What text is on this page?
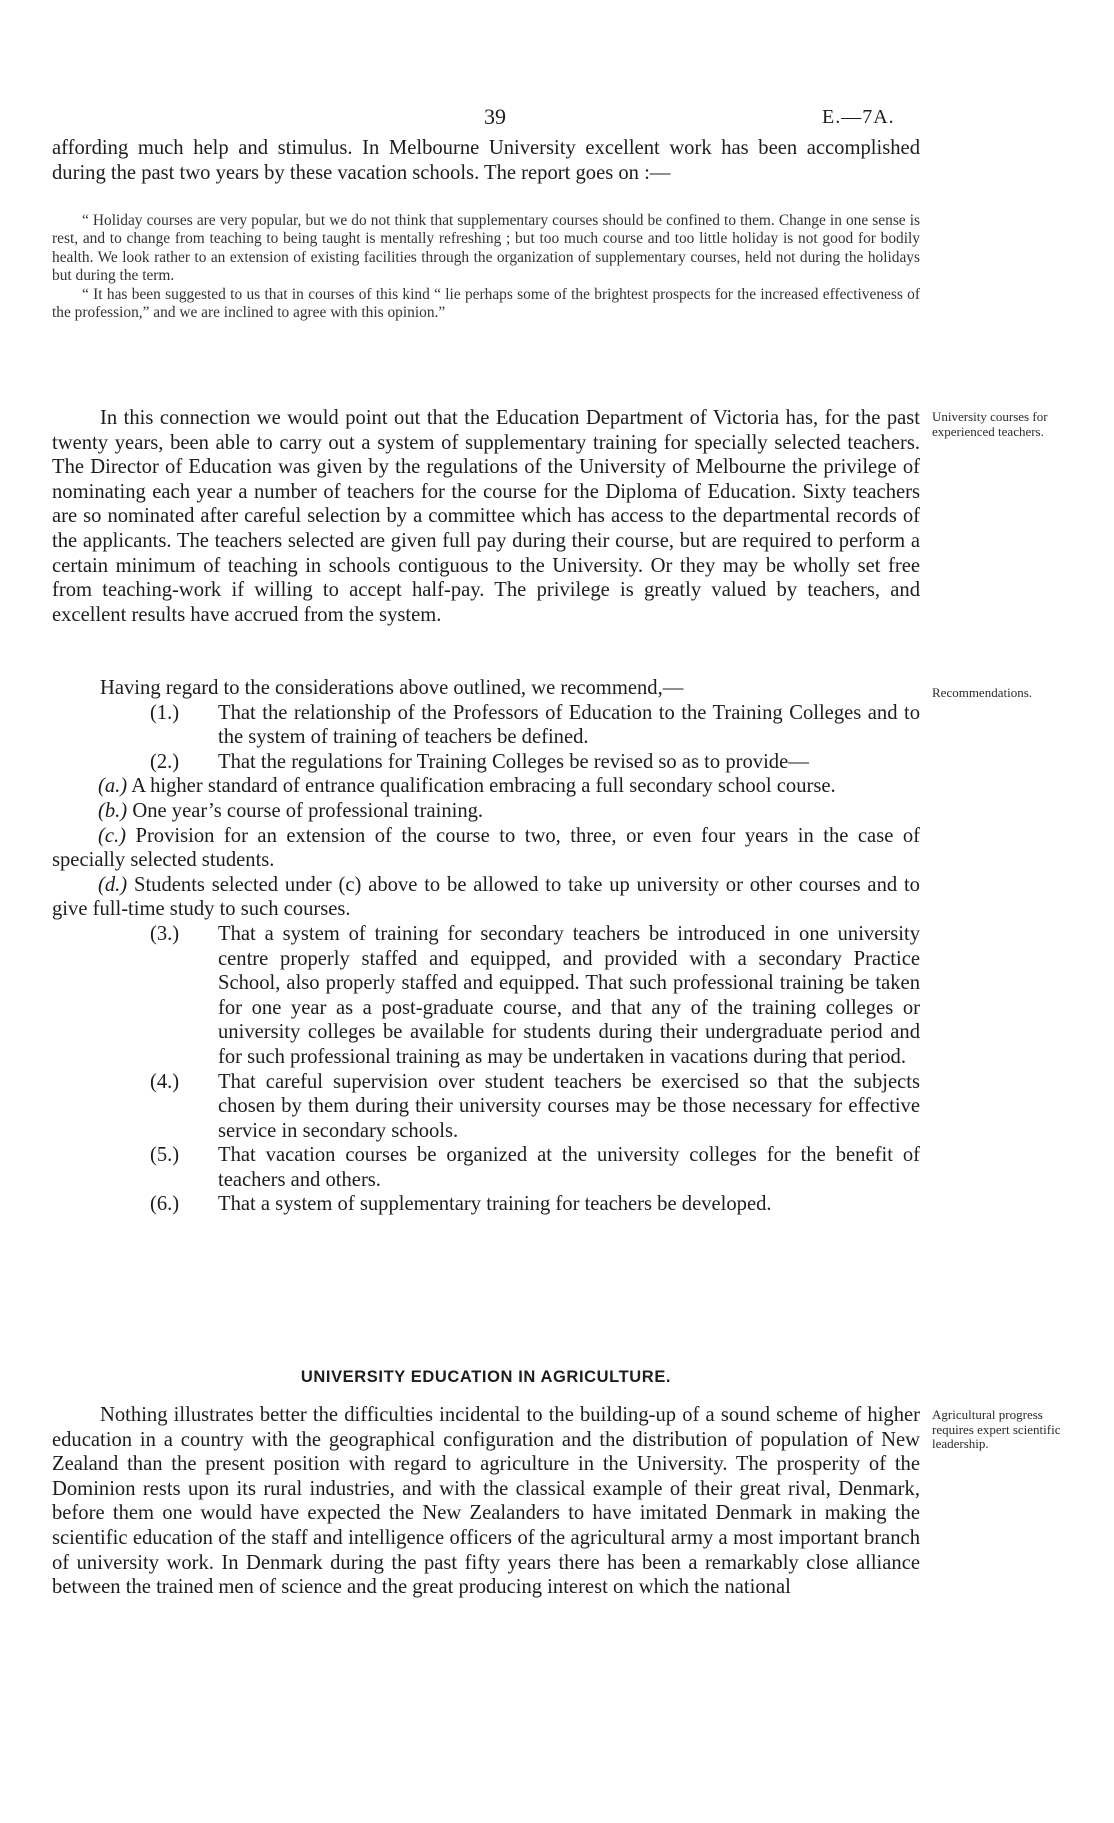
39	E.—7A.

affording much help and stimulus. In Melbourne University excellent work has been accomplished during the past two years by these vacation schools. The report goes on :—

“ Holiday courses are very popular, but we do not think that supplementary courses should be confined to them. Change in one sense is rest, and to change from teaching to being taught is mentally refreshing ; but too much course and too little holiday is not good for bodily health. We look rather to an extension of existing facilities through the organization of supplementary courses, held not during the holidays but during the term.

“ It has been suggested to us that in courses of this kind “ lie perhaps some of the brightest prospects for the increased effectiveness of the profession,” and we are inclined to agree with this opinion.”

In this connection we would point out that the Education Department of Victoria has, for the past twenty years, been able to carry out a system of supplementary training for specially selected teachers. The Director of Education was given by the regulations of the University of Melbourne the privilege of nominating each year a number of teachers for the course for the Diploma of Education. Sixty teachers are so nominated after careful selection by a committee which has access to the departmental records of the applicants. The teachers selected are given full pay during their course, but are required to perform a certain minimum of teaching in schools contiguous to the University. Or they may be wholly set free from teaching-work if willing to accept half-pay. The privilege is greatly valued by teachers, and excellent results have accrued from the system.

Having regard to the considerations above outlined, we recommend,—

(1.) That the relationship of the Professors of Education to the Training Colleges and to the system of training of teachers be defined.
(2.) That the regulations for Training Colleges be revised so as to provide—

(a.) A higher standard of entrance qualification embracing a full secondary school course.

(b.) One year’s course of professional training.

(c.) Provision for an extension of the course to two, three, or even four years in the case of specially selected students.

(d.) Students selected under (c) above to be allowed to take up university or other courses and to give full-time study to such courses.

(3.) That a system of training for secondary teachers be introduced in one university centre properly staffed and equipped, and provided with a secondary Practice School, also properly staffed and equipped. That such professional training be taken for one year as a post-graduate course, and that any of the training colleges or university colleges be available for students during their undergraduate period and for such professional training as may be undertaken in vacations during that period.
(4.) That careful supervision over student teachers be exercised so that the subjects chosen by them during their university courses may be those necessary for effective service in secondary schools.
(5.) That vacation courses be organized at the university colleges for the benefit of teachers and others.
(6.) That a system of supplementary training for teachers be developed.
UNIVERSITY EDUCATION IN AGRICULTURE.

Nothing illustrates better the difficulties incidental to the building-up of a sound scheme of higher education in a country with the geographical configuration and the distribution of population of New Zealand than the present position with regard to agriculture in the University. The prosperity of the Dominion rests upon its rural industries, and with the classical example of their great rival, Denmark, before them one would have expected the New Zealanders to have imitated Denmark in making the scientific education of the staff and intelligence officers of the agricultural army a most important branch of university work. In Denmark during the past fifty years there has been a remarkably close alliance between the trained men of science and the great producing interest on which the national

University courses for experienced teachers.
Recommendations.
Agricultural progress requires expert scientific leadership.
